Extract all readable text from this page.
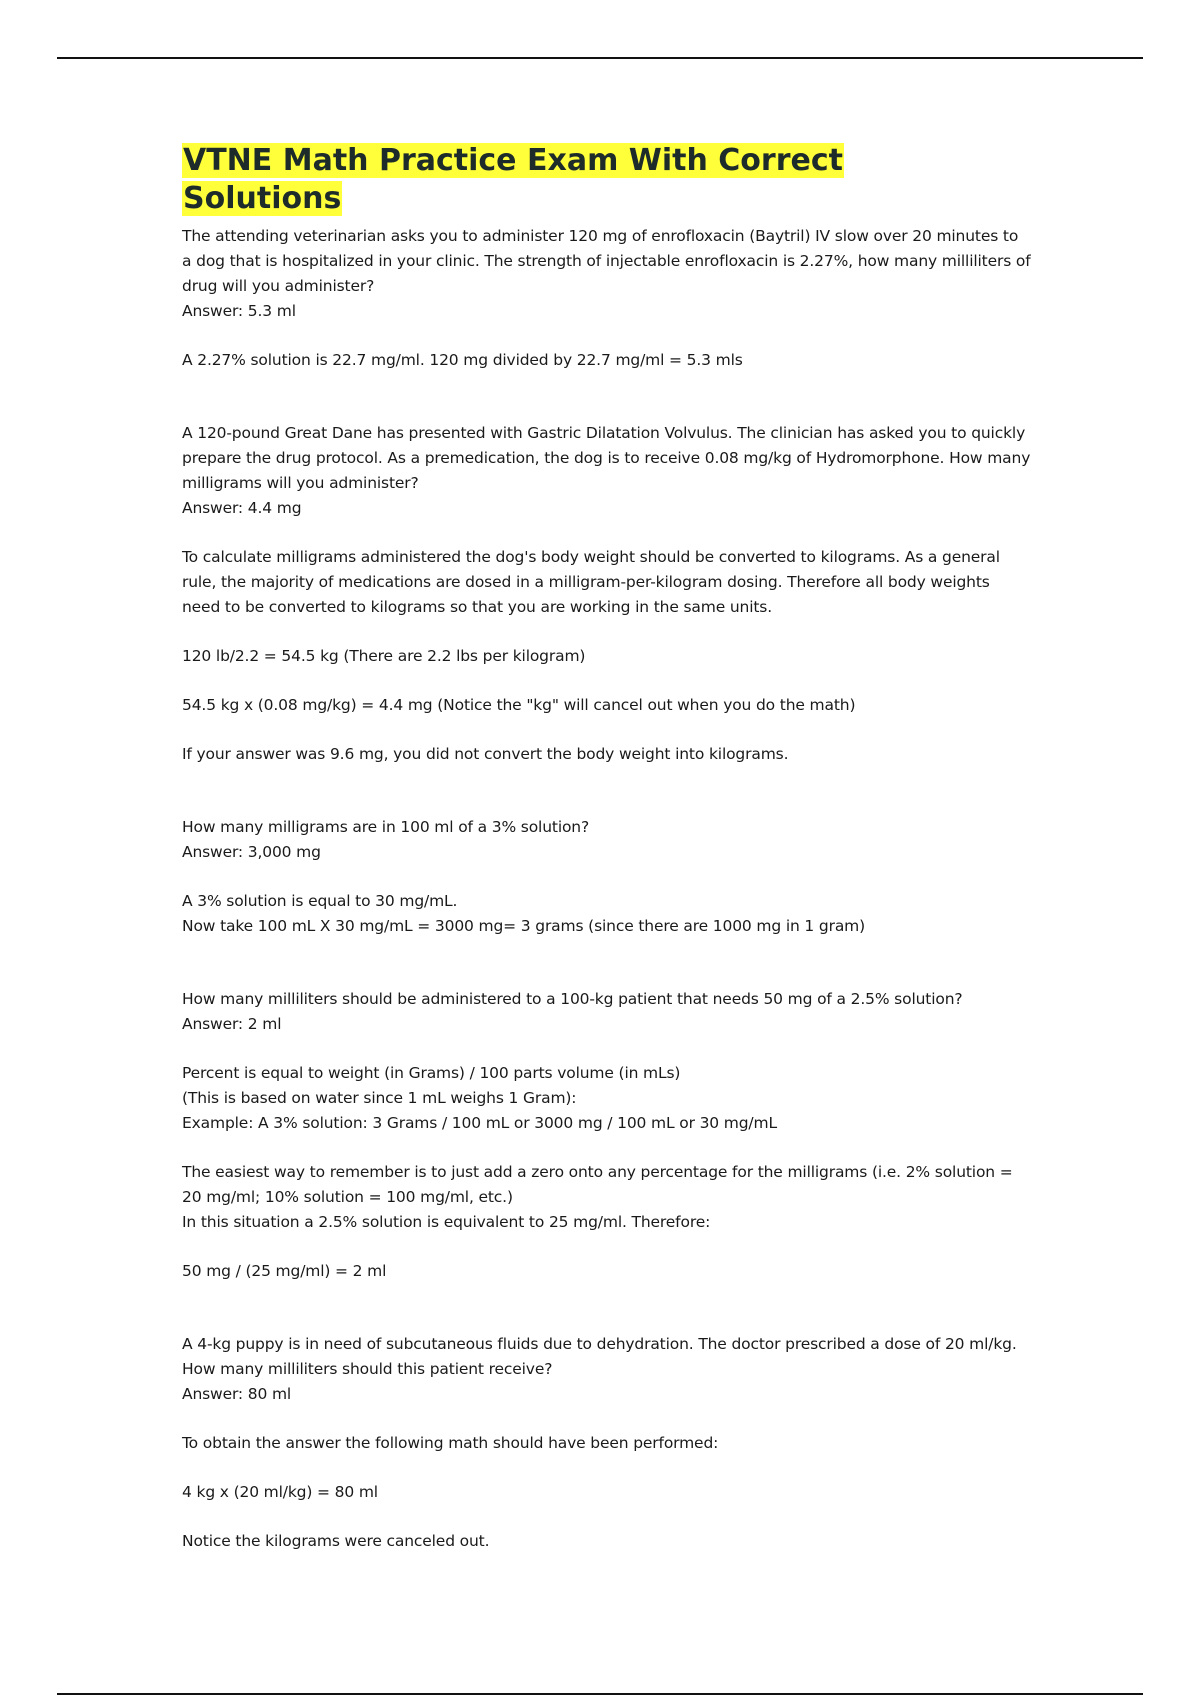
VTNE Math Practice Exam With Correct Solutions

The attending veterinarian asks you to administer 120 mg of enrofloxacin (Baytril) IV slow over 20 minutes to a dog that is hospitalized in your clinic. The strength of injectable enrofloxacin is 2.27%, how many milliliters of drug will you administer?

Answer: 5.3 ml

A 2.27% solution is 22.7 mg/ml. 120 mg divided by 22.7 mg/ml = 5.3 mls

A 120-pound Great Dane has presented with Gastric Dilatation Volvulus. The clinician has asked you to quickly prepare the drug protocol. As a premedication, the dog is to receive 0.08 mg/kg of Hydromorphone. How many milligrams will you administer?

Answer: 4.4 mg

To calculate milligrams administered the dog's body weight should be converted to kilograms. As a general rule, the majority of medications are dosed in a milligram-per-kilogram dosing. Therefore all body weights need to be converted to kilograms so that you are working in the same units.

120 lb/2.2 = 54.5 kg (There are 2.2 lbs per kilogram)

54.5 kg x (0.08 mg/kg) = 4.4 mg (Notice the "kg" will cancel out when you do the math)

If your answer was 9.6 mg, you did not convert the body weight into kilograms.

How many milligrams are in 100 ml of a 3% solution?

Answer: 3,000 mg

A 3% solution is equal to 30 mg/mL.
Now take 100 mL X 30 mg/mL = 3000 mg= 3 grams (since there are 1000 mg in 1 gram)

How many milliliters should be administered to a 100-kg patient that needs 50 mg of a 2.5% solution?

Answer: 2 ml

Percent is equal to weight (in Grams) / 100 parts volume (in mLs)
(This is based on water since 1 mL weighs 1 Gram):
Example: A 3% solution: 3 Grams / 100 mL or 3000 mg / 100 mL or 30 mg/mL

The easiest way to remember is to just add a zero onto any percentage for the milligrams (i.e. 2% solution = 20 mg/ml; 10% solution = 100 mg/ml, etc.)
In this situation a 2.5% solution is equivalent to 25 mg/ml. Therefore:

50 mg / (25 mg/ml) = 2 ml

A 4-kg puppy is in need of subcutaneous fluids due to dehydration. The doctor prescribed a dose of 20 ml/kg. How many milliliters should this patient receive?

Answer: 80 ml

To obtain the answer the following math should have been performed:

4 kg x (20 ml/kg) = 80 ml

Notice the kilograms were canceled out.
